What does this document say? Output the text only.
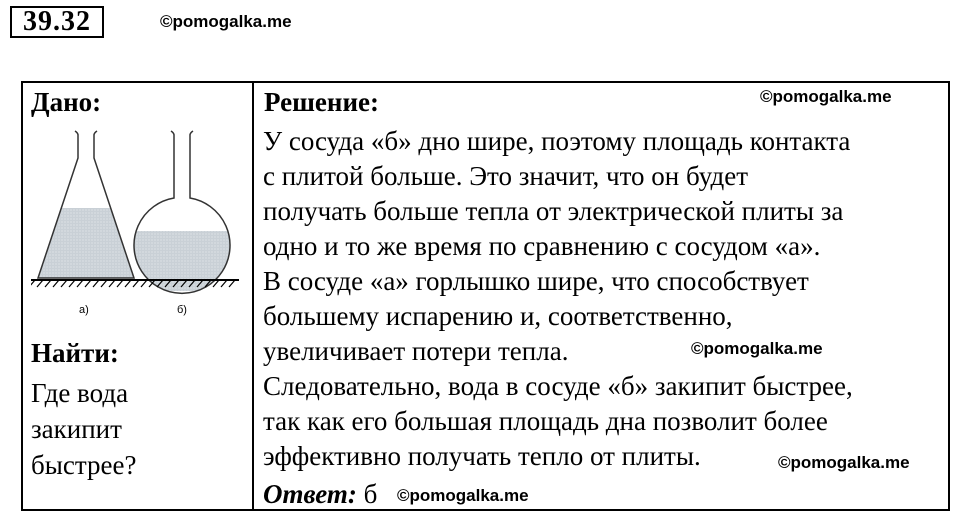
39.32	©pomogalka.me
Дано:
а)	б)
Найти:
Где вода
закипит
быстрее?
Решение:	©pomogalka.me
У сосуда «б» дно шире, поэтому площадь контакта
с плитой больше. Это значит, что он будет
получать больше тепла от электрической плиты за
одно и то же время по сравнению с сосудом «а».
В сосуде «а» горлышко шире, что способствует
большему испарению и, соответственно,
увеличивает потери тепла.
Следовательно, вода в сосуде «б» закипит быстрее,
так как его большая площадь дна позволит более
эффективно получать тепло от плиты.
©pomogalka.me
©pomogalka.me
Ответ: б ©pomogalka.me
